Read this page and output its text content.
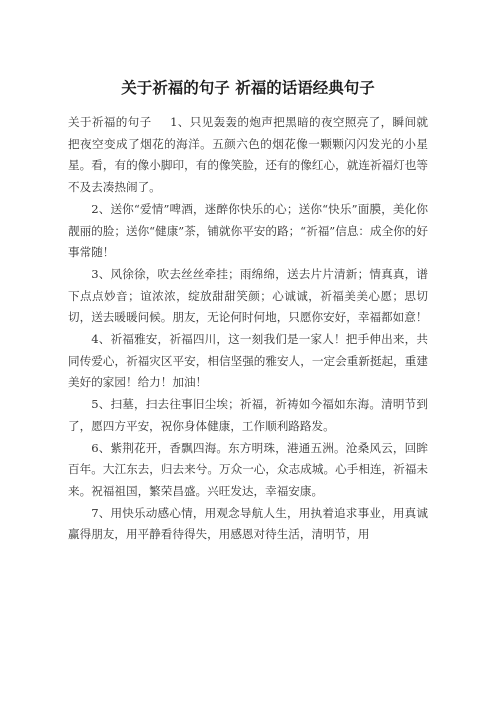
关于祈福的句子 祈福的话语经典句子

关于祈福的句子 1、只见轰轰的炮声把黑暗的夜空照亮了，瞬间就把夜空变成了烟花的海洋。五颜六色的烟花像一颗颗闪闪发光的小星星。看，有的像小脚印，有的像笑脸，还有的像红心，就连祈福灯也等不及去凑热闹了。

2、送你“爱情”啤酒，迷醉你快乐的心；送你“快乐”面膜，美化你靓丽的脸；送你“健康”茶，铺就你平安的路；“祈福”信息：成全你的好事常随！

3、风徐徐，吹去丝丝牵挂；雨绵绵，送去片片清新；情真真，谱下点点妙音；谊浓浓，绽放甜甜笑颜；心诚诚，祈福美美心愿；思切切，送去暖暖问候。朋友，无论何时何地，只愿你安好，幸福都如意！

4、祈福雅安，祈福四川，这一刻我们是一家人！把手伸出来，共同传爱心，祈福灾区平安，相信坚强的雅安人，一定会重新挺起，重建美好的家园！给力！加油！

5、扫墓，扫去往事旧尘埃；祈福，祈祷如今福如东海。清明节到了，愿四方平安，祝你身体健康，工作顺利路路发。

6、紫荆花开，香飘四海。东方明珠，港通五洲。沧桑风云，回眸百年。大江东去，归去来兮。万众一心，众志成城。心手相连，祈福未来。祝福祖国，繁荣昌盛。兴旺发达，幸福安康。

7、用快乐动感心情，用观念导航人生，用执着追求事业，用真诚赢得朋友，用平静看待得失，用感恩对待生活，清明节，用
